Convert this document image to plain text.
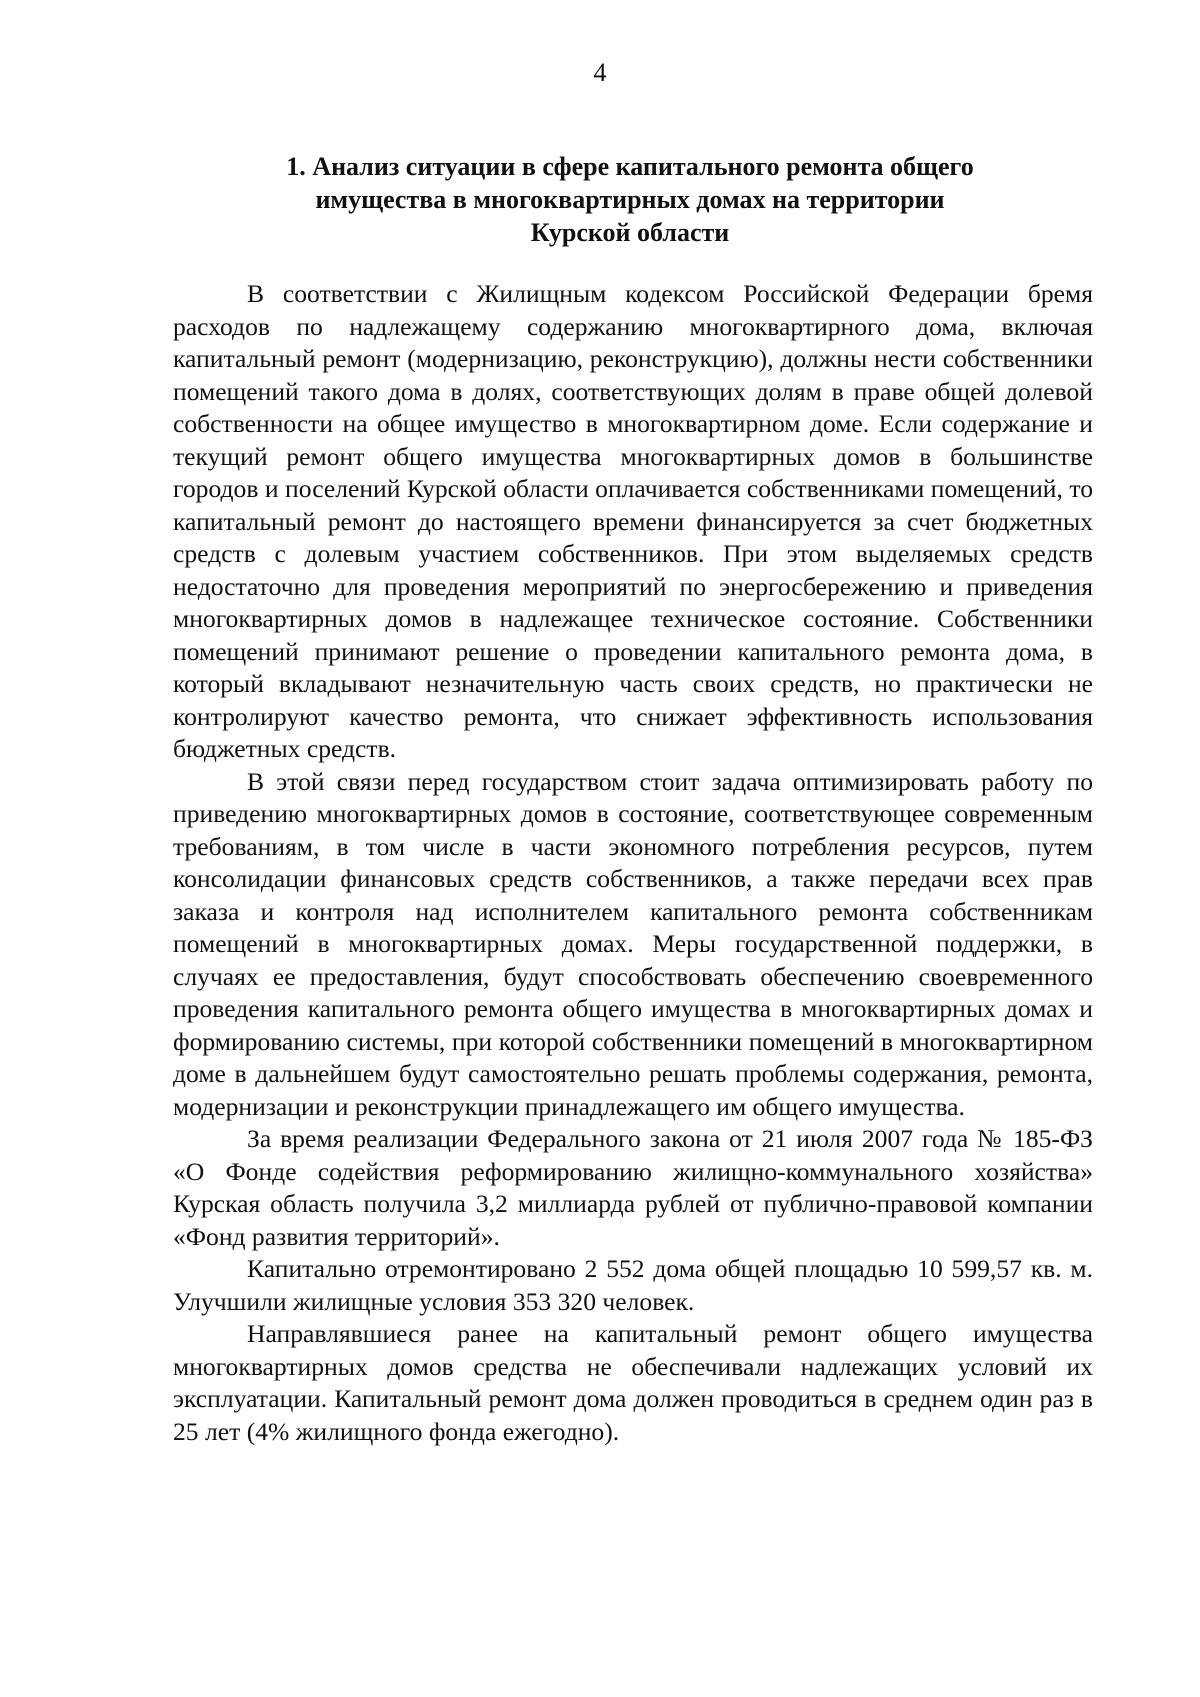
4
1. Анализ ситуации в сфере капитального ремонта общего
имущества в многоквартирных домах на территории
Курской области

В соответствии с Жилищным кодексом Российской Федерации бремя расходов по надлежащему содержанию многоквартирного дома, включая капитальный ремонт (модернизацию, реконструкцию), должны нести собственники помещений такого дома в долях, соответствующих долям в праве общей долевой собственности на общее имущество в многоквартирном доме. Если содержание и текущий ремонт общего имущества многоквартирных домов в большинстве городов и поселений Курской области оплачивается собственниками помещений, то капитальный ремонт до настоящего времени финансируется за счет бюджетных средств с долевым участием собственников. При этом выделяемых средств недостаточно для проведения мероприятий по энергосбережению и приведения многоквартирных домов в надлежащее техническое состояние. Собственники помещений принимают решение о проведении капитального ремонта дома, в который вкладывают незначительную часть своих средств, но практически не контролируют качество ремонта, что снижает эффективность использования бюджетных средств.

В этой связи перед государством стоит задача оптимизировать работу по приведению многоквартирных домов в состояние, соответствующее современным требованиям, в том числе в части экономного потребления ресурсов, путем консолидации финансовых средств собственников, а также передачи всех прав заказа и контроля над исполнителем капитального ремонта собственникам помещений в многоквартирных домах. Меры государственной поддержки, в случаях ее предоставления, будут способствовать обеспечению своевременного проведения капитального ремонта общего имущества в многоквартирных домах и формированию системы, при которой собственники помещений в многоквартирном доме в дальнейшем будут самостоятельно решать проблемы содержания, ремонта, модернизации и реконструкции принадлежащего им общего имущества.

За время реализации Федерального закона от 21 июля 2007 года № 185-ФЗ «О Фонде содействия реформированию жилищно-коммунального хозяйства» Курская область получила 3,2 миллиарда рублей от публично-правовой компании «Фонд развития территорий».

Капитально отремонтировано 2 552 дома общей площадью 10 599,57 кв. м. Улучшили жилищные условия 353 320 человек.

Направлявшиеся ранее на капитальный ремонт общего имущества многоквартирных домов средства не обеспечивали надлежащих условий их эксплуатации. Капитальный ремонт дома должен проводиться в среднем один раз в 25 лет (4% жилищного фонда ежегодно).
